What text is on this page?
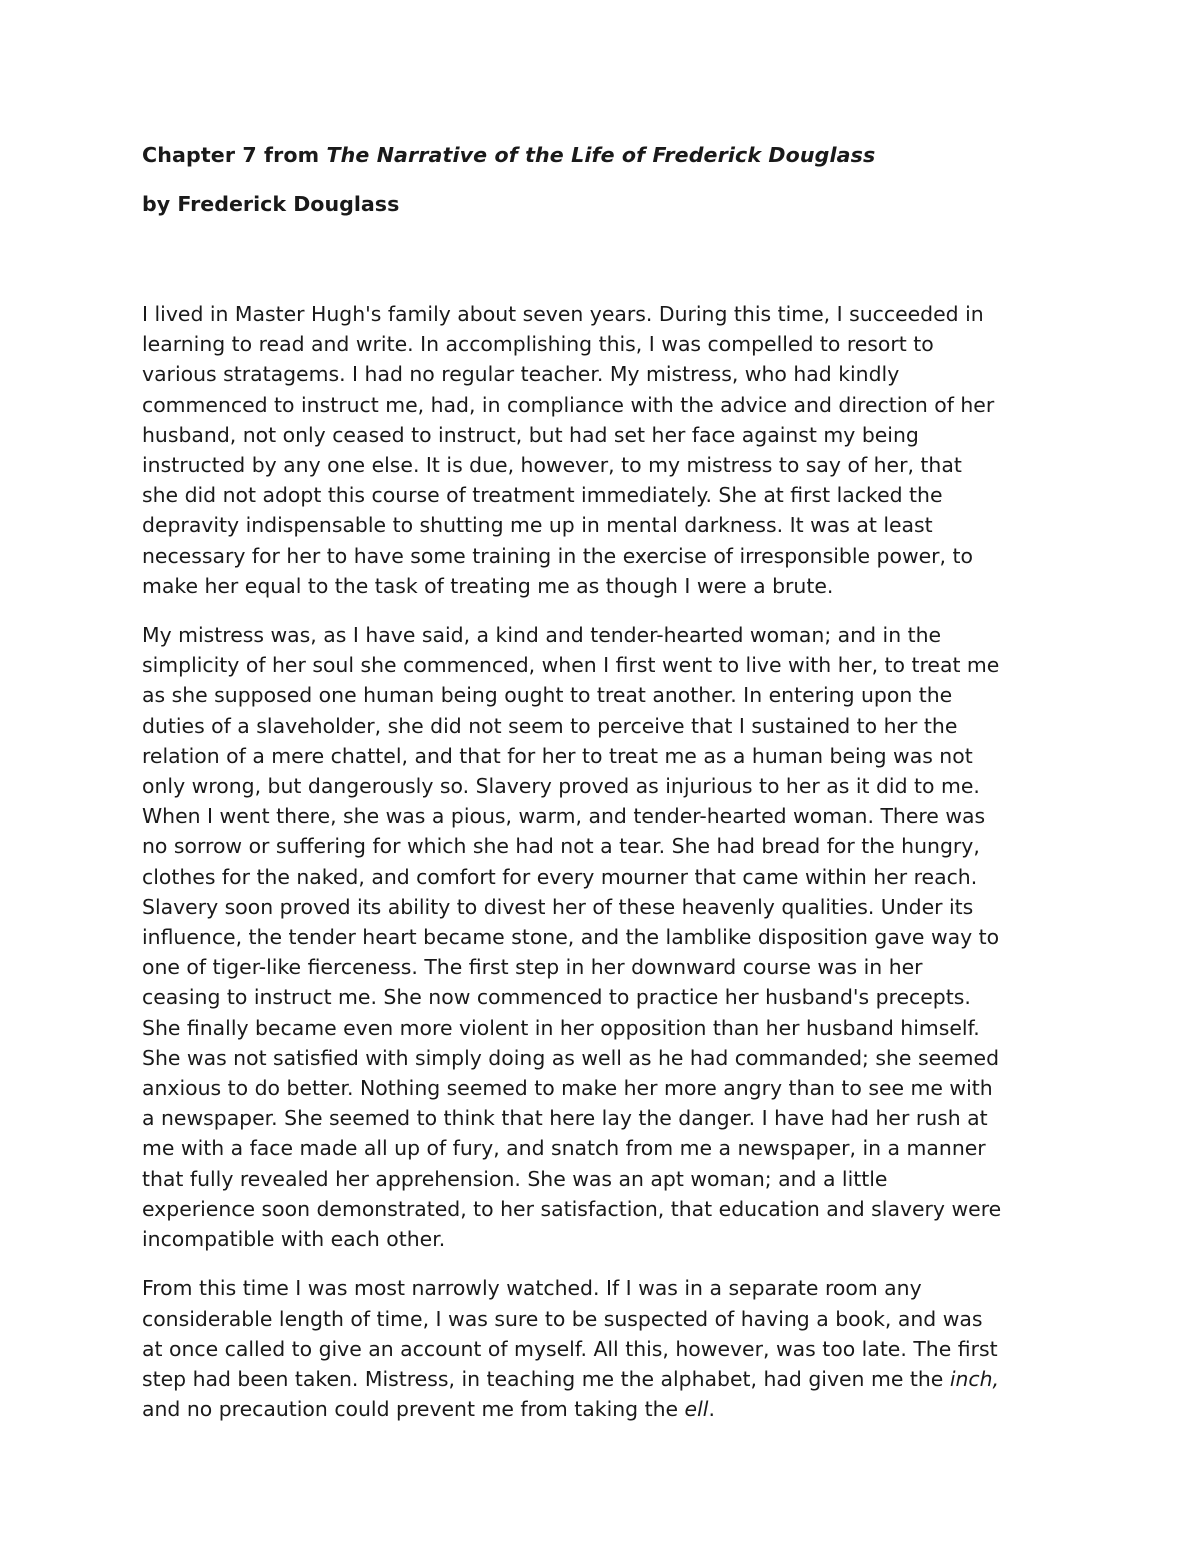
Chapter 7 from The Narrative of the Life of Frederick Douglass

by Frederick Douglass

I lived in Master Hugh's family about seven years. During this time, I succeeded in
learning to read and write. In accomplishing this, I was compelled to resort to
various stratagems. I had no regular teacher. My mistress, who had kindly
commenced to instruct me, had, in compliance with the advice and direction of her
husband, not only ceased to instruct, but had set her face against my being
instructed by any one else. It is due, however, to my mistress to say of her, that
she did not adopt this course of treatment immediately. She at first lacked the
depravity indispensable to shutting me up in mental darkness. It was at least
necessary for her to have some training in the exercise of irresponsible power, to
make her equal to the task of treating me as though I were a brute.

My mistress was, as I have said, a kind and tender-hearted woman; and in the
simplicity of her soul she commenced, when I first went to live with her, to treat me
as she supposed one human being ought to treat another. In entering upon the
duties of a slaveholder, she did not seem to perceive that I sustained to her the
relation of a mere chattel, and that for her to treat me as a human being was not
only wrong, but dangerously so. Slavery proved as injurious to her as it did to me.
When I went there, she was a pious, warm, and tender-hearted woman. There was
no sorrow or suffering for which she had not a tear. She had bread for the hungry,
clothes for the naked, and comfort for every mourner that came within her reach.
Slavery soon proved its ability to divest her of these heavenly qualities. Under its
influence, the tender heart became stone, and the lamblike disposition gave way to
one of tiger-like fierceness. The first step in her downward course was in her
ceasing to instruct me. She now commenced to practice her husband's precepts.
She finally became even more violent in her opposition than her husband himself.
She was not satisfied with simply doing as well as he had commanded; she seemed
anxious to do better. Nothing seemed to make her more angry than to see me with
a newspaper. She seemed to think that here lay the danger. I have had her rush at
me with a face made all up of fury, and snatch from me a newspaper, in a manner
that fully revealed her apprehension. She was an apt woman; and a little
experience soon demonstrated, to her satisfaction, that education and slavery were
incompatible with each other.

From this time I was most narrowly watched. If I was in a separate room any
considerable length of time, I was sure to be suspected of having a book, and was
at once called to give an account of myself. All this, however, was too late. The first
step had been taken. Mistress, in teaching me the alphabet, had given me the inch,
and no precaution could prevent me from taking the ell.
